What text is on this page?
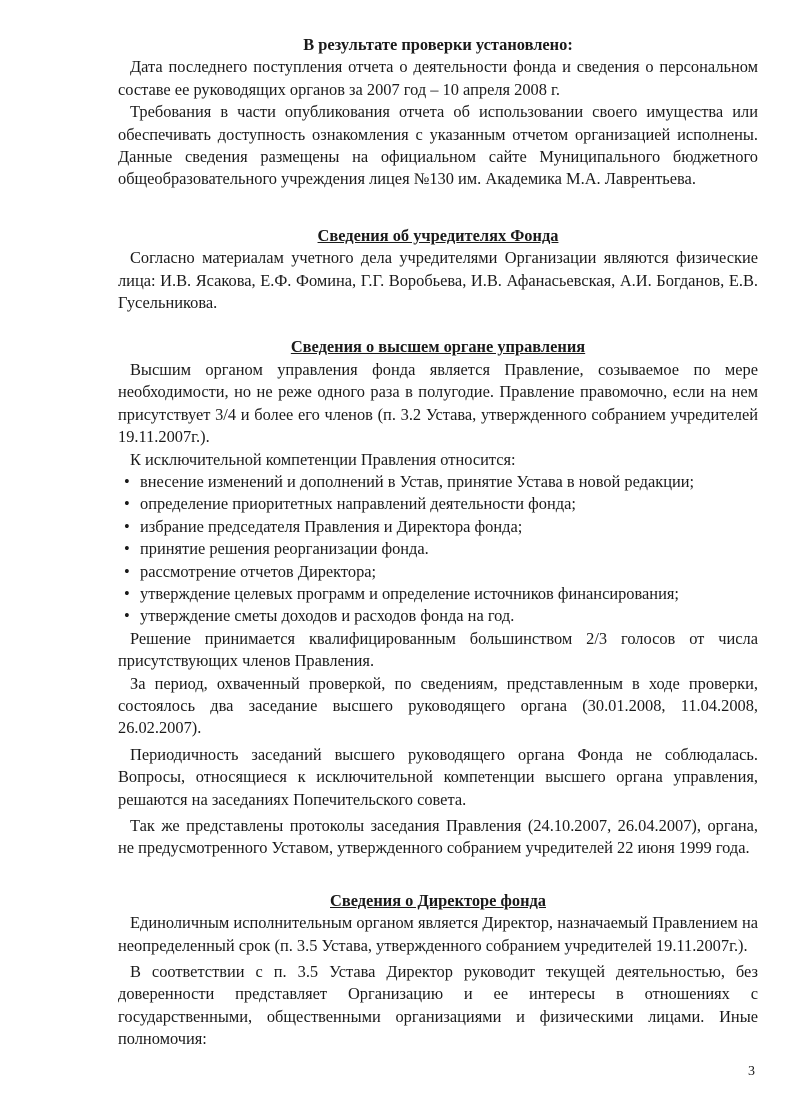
В результате проверки установлено:

Дата последнего поступления отчета о деятельности фонда и сведения о персональном составе ее руководящих органов за 2007 год – 10 апреля 2008 г.

Требования в части опубликования отчета об использовании своего имущества или обеспечивать доступность ознакомления с указанным отчетом организацией исполнены. Данные сведения размещены на официальном сайте Муниципального бюджетного общеобразовательного учреждения лицея №130 им. Академика М.А. Лаврентьева.

Сведения об учредителях Фонда

Согласно материалам учетного дела учредителями Организации являются физические лица: И.В. Ясакова, Е.Ф. Фомина, Г.Г. Воробьева, И.В. Афанасьевская, А.И. Богданов, Е.В. Гусельникова.

Сведения о высшем органе управления

Высшим органом управления фонда является Правление, созываемое по мере необходимости, но не реже одного раза в полугодие. Правление правомочно, если на нем присутствует 3/4 и более его членов (п. 3.2 Устава, утвержденного собранием учредителей 19.11.2007г.).

К исключительной компетенции Правления относится:

• внесение изменений и дополнений в Устав, принятие Устава в новой редакции;
• определение приоритетных направлений деятельности фонда;
• избрание председателя Правления и Директора фонда;
• принятие решения реорганизации фонда.
• рассмотрение отчетов Директора;
• утверждение целевых программ и определение источников финансирования;
• утверждение сметы доходов и расходов фонда на год.

Решение принимается квалифицированным большинством 2/3 голосов от числа присутствующих членов Правления.

За период, охваченный проверкой, по сведениям, представленным в ходе проверки, состоялось два заседание высшего руководящего органа (30.01.2008, 11.04.2008, 26.02.2007).

Периодичность заседаний высшего руководящего органа Фонда не соблюдалась. Вопросы, относящиеся к исключительной компетенции высшего органа управления, решаются на заседаниях Попечительского совета.

Так же представлены протоколы заседания Правления (24.10.2007, 26.04.2007), органа, не предусмотренного Уставом, утвержденного собранием учредителей 22 июня 1999 года.

Сведения о Директоре фонда

Единоличным исполнительным органом является Директор, назначаемый Правлением на неопределенный срок (п. 3.5 Устава, утвержденного собранием учредителей 19.11.2007г.).

В соответствии с п. 3.5 Устава Директор руководит текущей деятельностью, без доверенности представляет Организацию и ее интересы в отношениях с государственными, общественными организациями и физическими лицами. Иные полномочия:

3
